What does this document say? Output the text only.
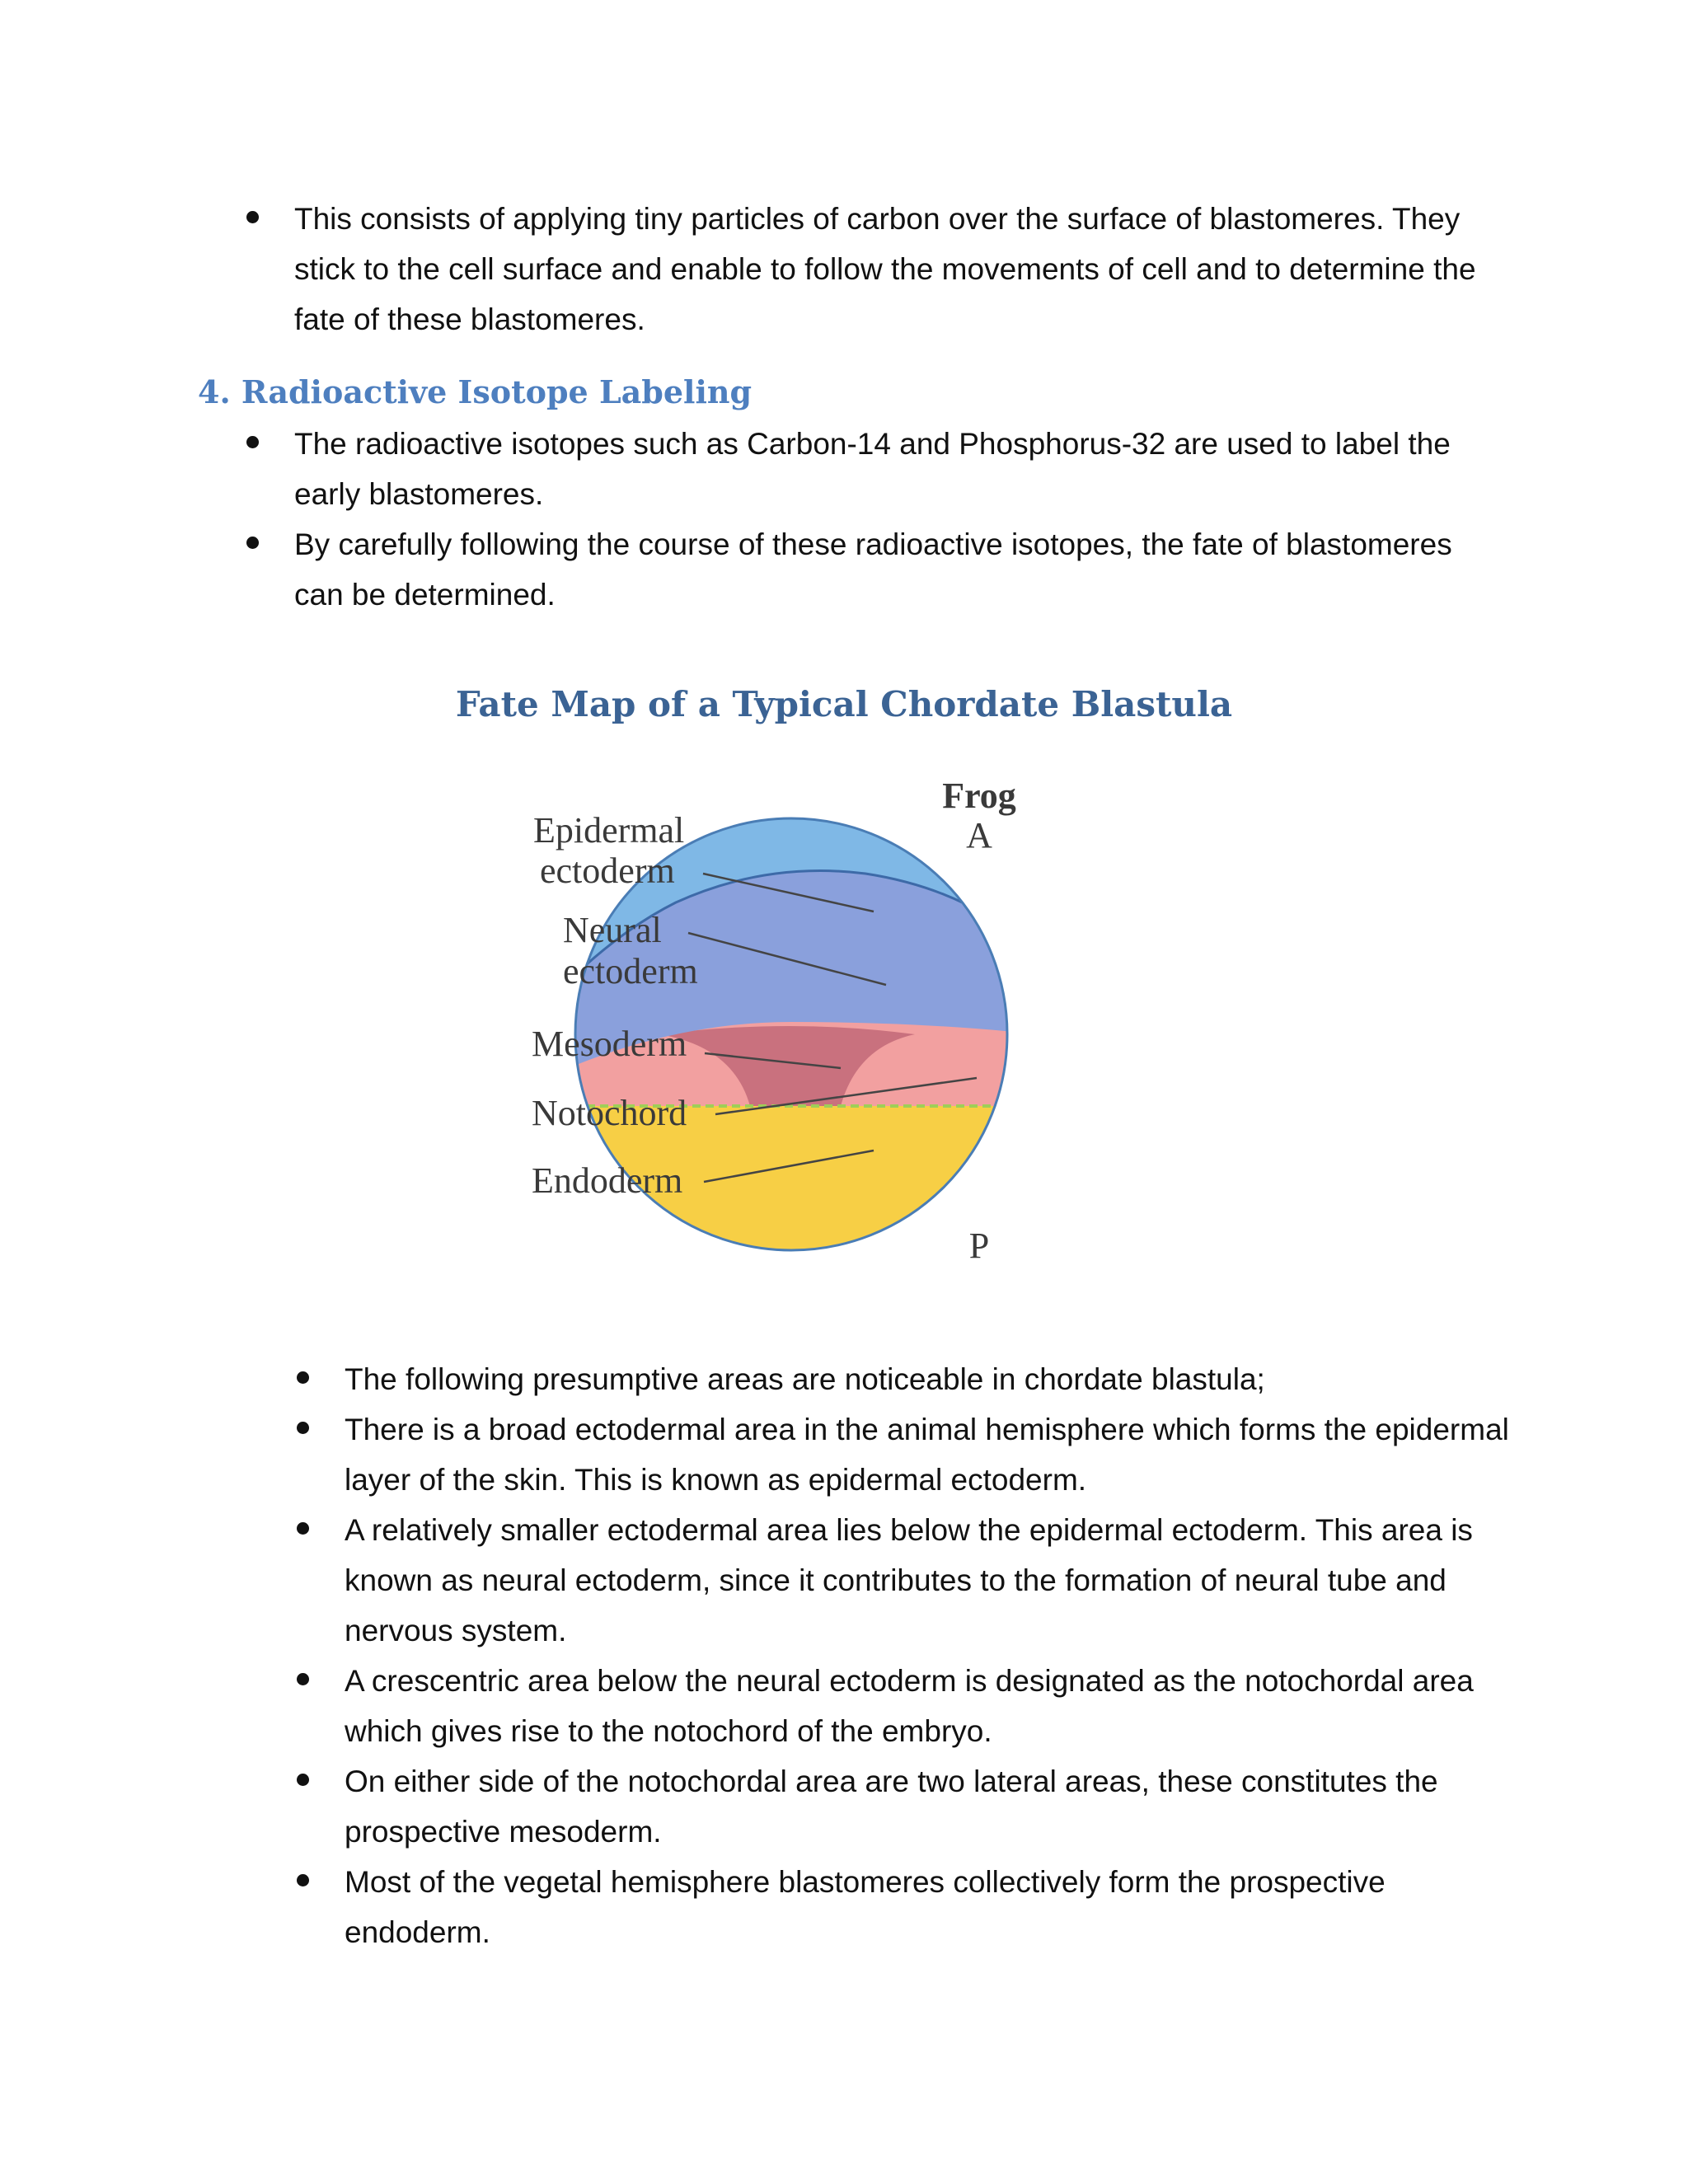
This consists of applying tiny particles of carbon over the surface of blastomeres. They stick to the cell surface and enable to follow the movements of cell and to determine the fate of these blastomeres.
4. Radioactive Isotope Labeling
The radioactive isotopes such as Carbon-14 and Phosphorus-32 are used to label the early blastomeres.
By carefully following the course of these radioactive isotopes, the fate of blastomeres can be determined.
Fate Map of a Typical Chordate Blastula
Frog
A
P
Epidermal
ectoderm
Neural
ectoderm
Mesoderm
Notochord
Endoderm
The following presumptive areas are noticeable in chordate blastula;
There is a broad ectodermal area in the animal hemisphere which forms the epidermal layer of the skin. This is known as epidermal ectoderm.
A relatively smaller ectodermal area lies below the epidermal ectoderm. This area is known as neural ectoderm, since it contributes to the formation of neural tube and nervous system.
A crescentric area below the neural ectoderm is designated as the notochordal area which gives rise to the notochord of the embryo.
On either side of the notochordal area are two lateral areas, these constitutes the prospective mesoderm.
Most of the vegetal hemisphere blastomeres collectively form the prospective endoderm.
